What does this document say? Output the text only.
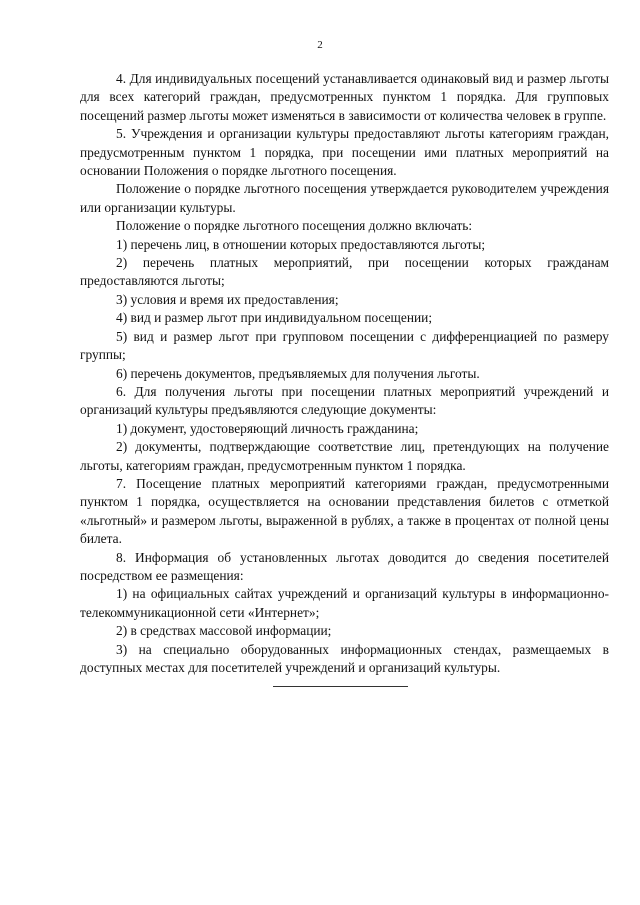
2

4. Для индивидуальных посещений устанавливается одинаковый вид и размер льготы для всех категорий граждан, предусмотренных пунктом 1 порядка. Для групповых посещений размер льготы может изменяться в зависимости от количества человек в группе.

5. Учреждения и организации культуры предоставляют льготы категориям граждан, предусмотренным пунктом 1 порядка, при посещении ими платных мероприятий на основании Положения о порядке льготного посещения.

Положение о порядке льготного посещения утверждается руководителем учреждения или организации культуры.

Положение о порядке льготного посещения должно включать:

1) перечень лиц, в отношении которых предоставляются льготы;

2) перечень платных мероприятий, при посещении которых гражданам предоставляются льготы;

3) условия и время их предоставления;

4) вид и размер льгот при индивидуальном посещении;

5) вид и размер льгот при групповом посещении с дифференциацией по размеру группы;

6) перечень документов, предъявляемых для получения льготы.

6. Для получения льготы при посещении платных мероприятий учреждений и организаций культуры предъявляются следующие документы:

1) документ, удостоверяющий личность гражданина;

2) документы, подтверждающие соответствие лиц, претендующих на получение льготы, категориям граждан, предусмотренным пунктом 1 порядка.

7. Посещение платных мероприятий категориями граждан, предусмотренными пунктом 1 порядка, осуществляется на основании представления билетов с отметкой «льготный» и размером льготы, выраженной в рублях, а также в процентах от полной цены билета.

8. Информация об установленных льготах доводится до сведения посетителей посредством ее размещения:

1) на официальных сайтах учреждений и организаций культуры в информационно-телекоммуникационной сети «Интернет»;

2) в средствах массовой информации;

3) на специально оборудованных информационных стендах, размещаемых в доступных местах для посетителей учреждений и организаций культуры.
